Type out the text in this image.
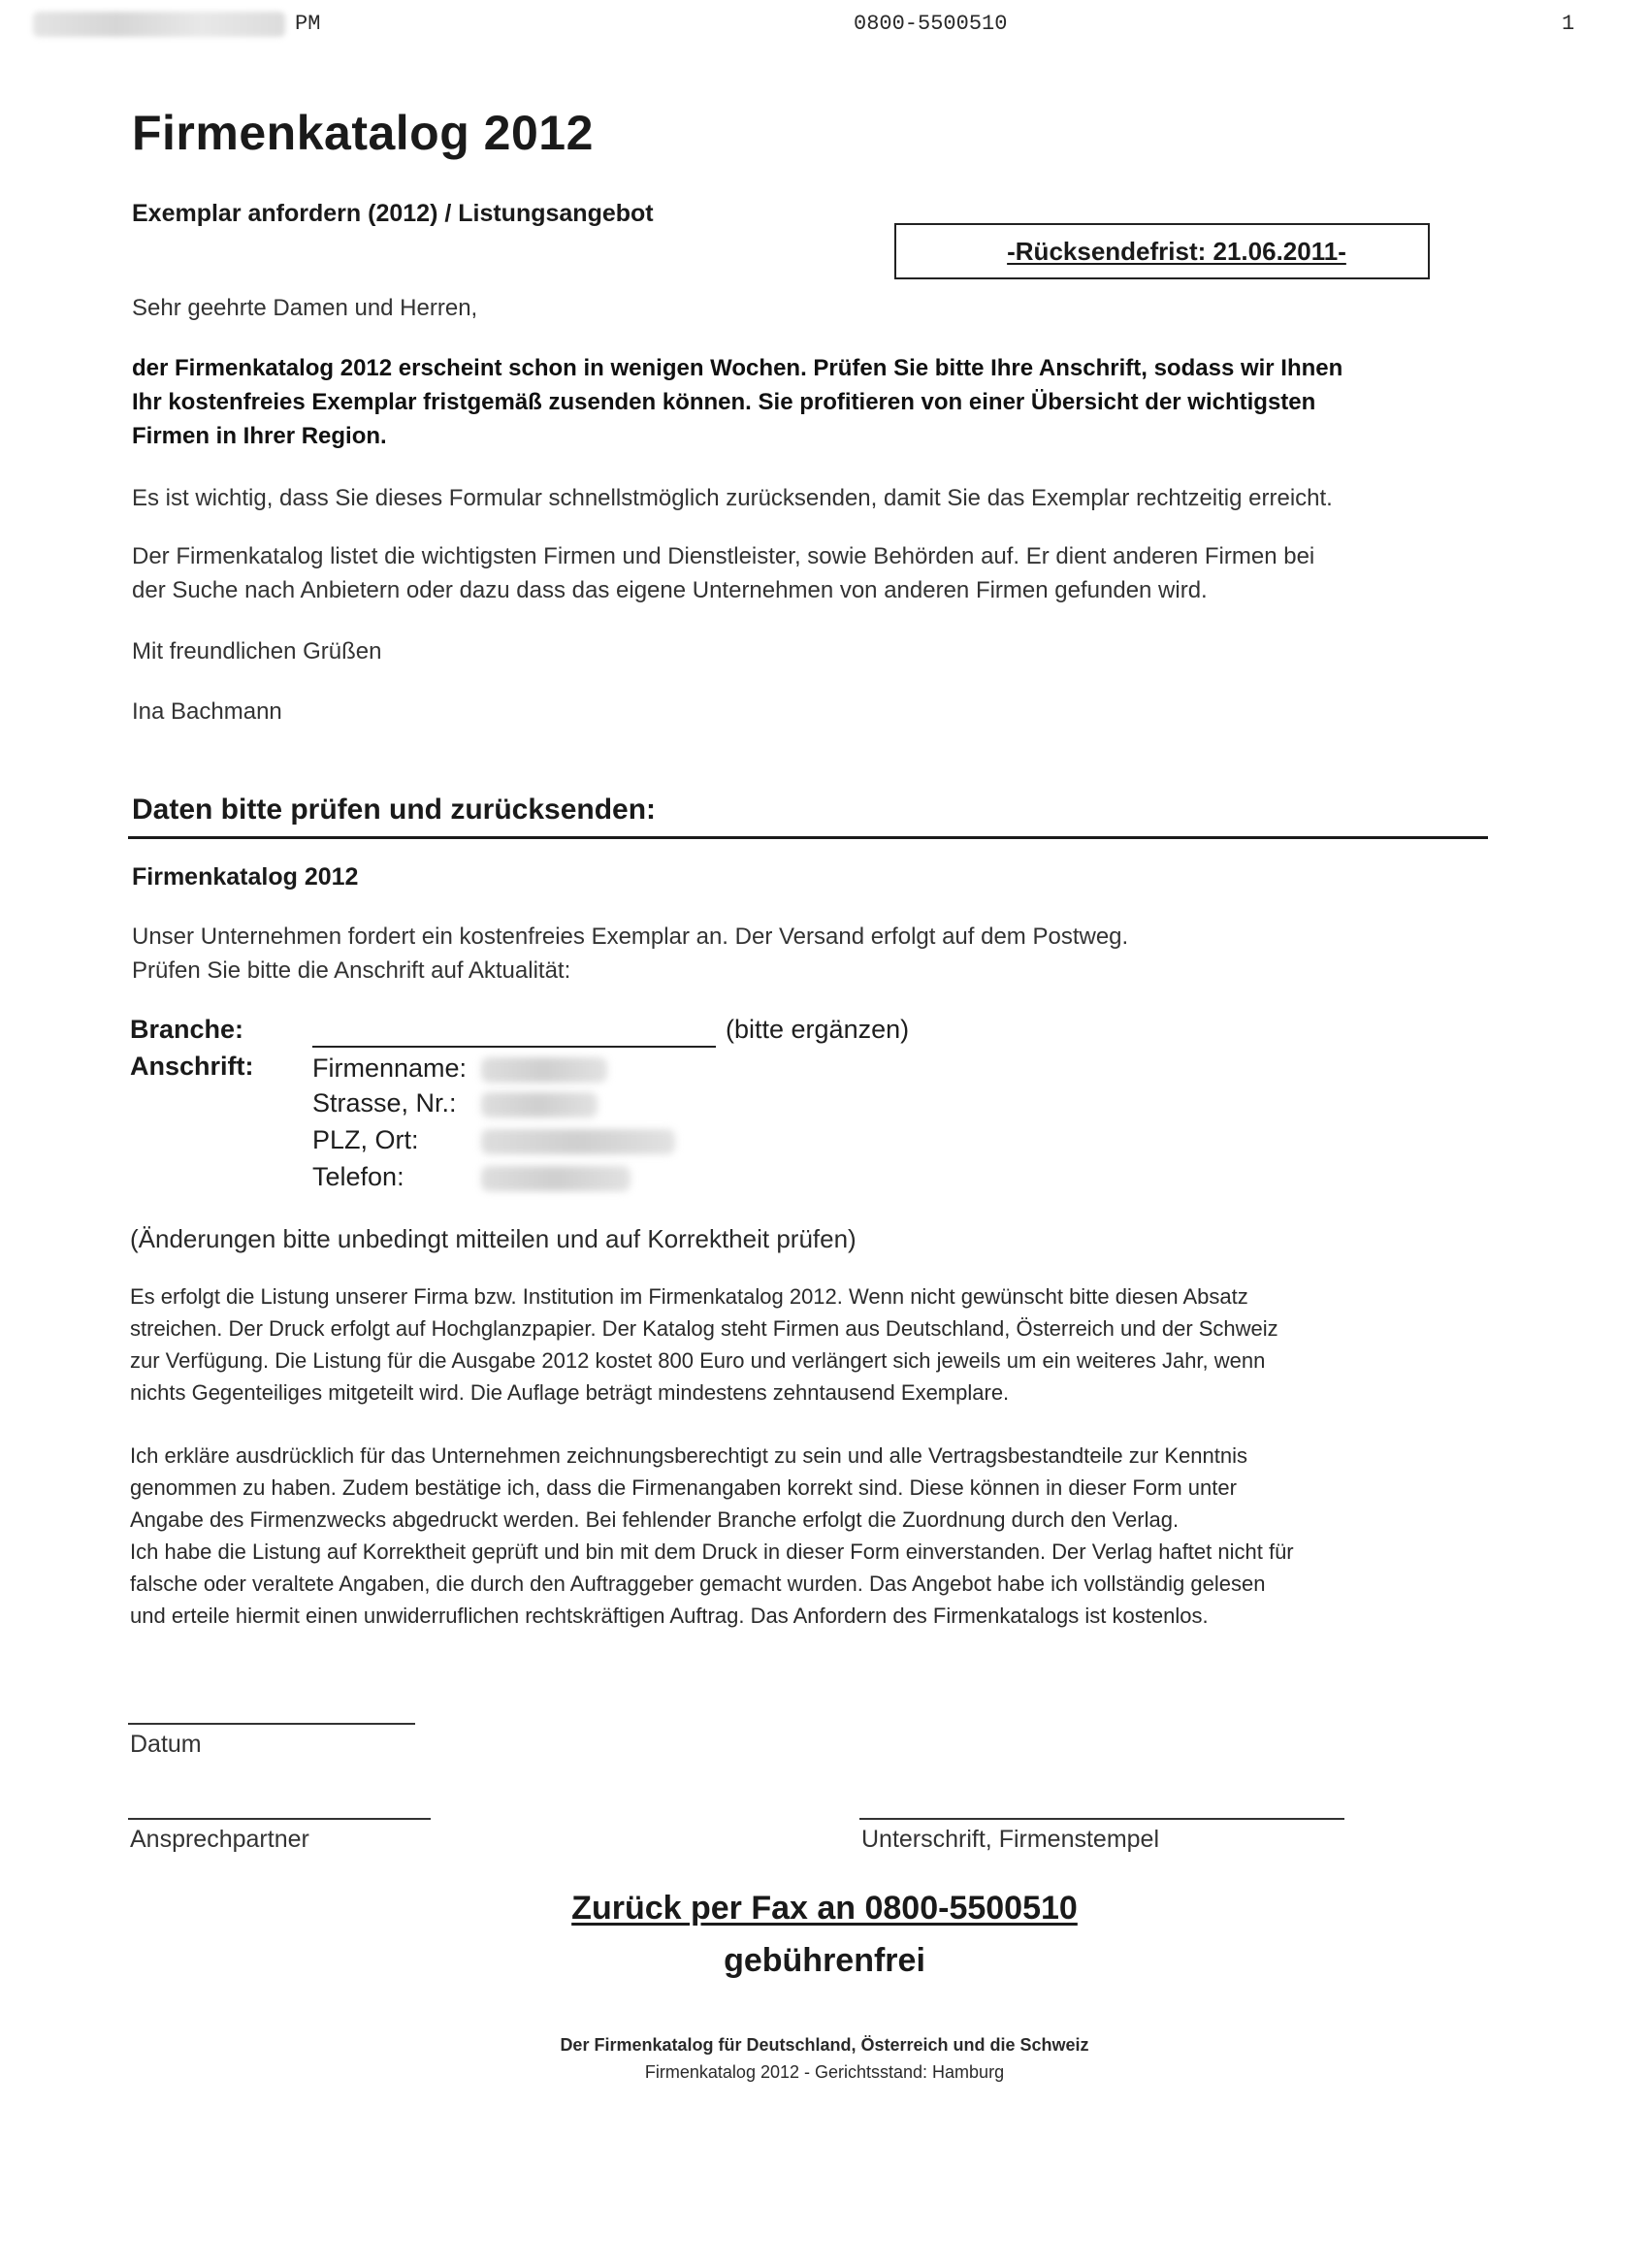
PM	0800-5500510	1
Firmenkatalog 2012
Exemplar anfordern (2012) / Listungsangebot
-Rücksendefrist: 21.06.2011-
Sehr geehrte Damen und Herren,
der Firmenkatalog 2012 erscheint schon in wenigen Wochen. Prüfen Sie bitte Ihre Anschrift, sodass wir Ihnen
Ihr kostenfreies Exemplar fristgemäß zusenden können. Sie profitieren von einer Übersicht der wichtigsten
Firmen in Ihrer Region.
Es ist wichtig, dass Sie dieses Formular schnellstmöglich zurücksenden, damit Sie das Exemplar rechtzeitig erreicht.
Der Firmenkatalog listet die wichtigsten Firmen und Dienstleister, sowie Behörden auf. Er dient anderen Firmen bei
der Suche nach Anbietern oder dazu dass das eigene Unternehmen von anderen Firmen gefunden wird.
Mit freundlichen Grüßen
Ina Bachmann
Daten bitte prüfen und zurücksenden:
Firmenkatalog 2012
Unser Unternehmen fordert ein kostenfreies Exemplar an. Der Versand erfolgt auf dem Postweg.
Prüfen Sie bitte die Anschrift auf Aktualität:
Branche:	(bitte ergänzen)
Anschrift: Firmenname:
Strasse, Nr.:
PLZ, Ort:
Telefon:
(Änderungen bitte unbedingt mitteilen und auf Korrektheit prüfen)
Es erfolgt die Listung unserer Firma bzw. Institution im Firmenkatalog 2012. Wenn nicht gewünscht bitte diesen Absatz
streichen. Der Druck erfolgt auf Hochglanzpapier. Der Katalog steht Firmen aus Deutschland, Österreich und der Schweiz
zur Verfügung. Die Listung für die Ausgabe 2012 kostet 800 Euro und verlängert sich jeweils um ein weiteres Jahr, wenn
nichts Gegenteiliges mitgeteilt wird. Die Auflage beträgt mindestens zehntausend Exemplare.
Ich erkläre ausdrücklich für das Unternehmen zeichnungsberechtigt zu sein und alle Vertragsbestandteile zur Kenntnis
genommen zu haben. Zudem bestätige ich, dass die Firmenangaben korrekt sind. Diese können in dieser Form unter
Angabe des Firmenzwecks abgedruckt werden. Bei fehlender Branche erfolgt die Zuordnung durch den Verlag.
Ich habe die Listung auf Korrektheit geprüft und bin mit dem Druck in dieser Form einverstanden. Der Verlag haftet nicht für
falsche oder veraltete Angaben, die durch den Auftraggeber gemacht wurden. Das Angebot habe ich vollständig gelesen
und erteile hiermit einen unwiderruflichen rechtskräftigen Auftrag. Das Anfordern des Firmenkatalogs ist kostenlos.
Datum
Ansprechpartner	Unterschrift, Firmenstempel
Zurück per Fax an 0800-5500510
gebührenfrei
Der Firmenkatalog für Deutschland, Österreich und die Schweiz
Firmenkatalog 2012 - Gerichtsstand: Hamburg
